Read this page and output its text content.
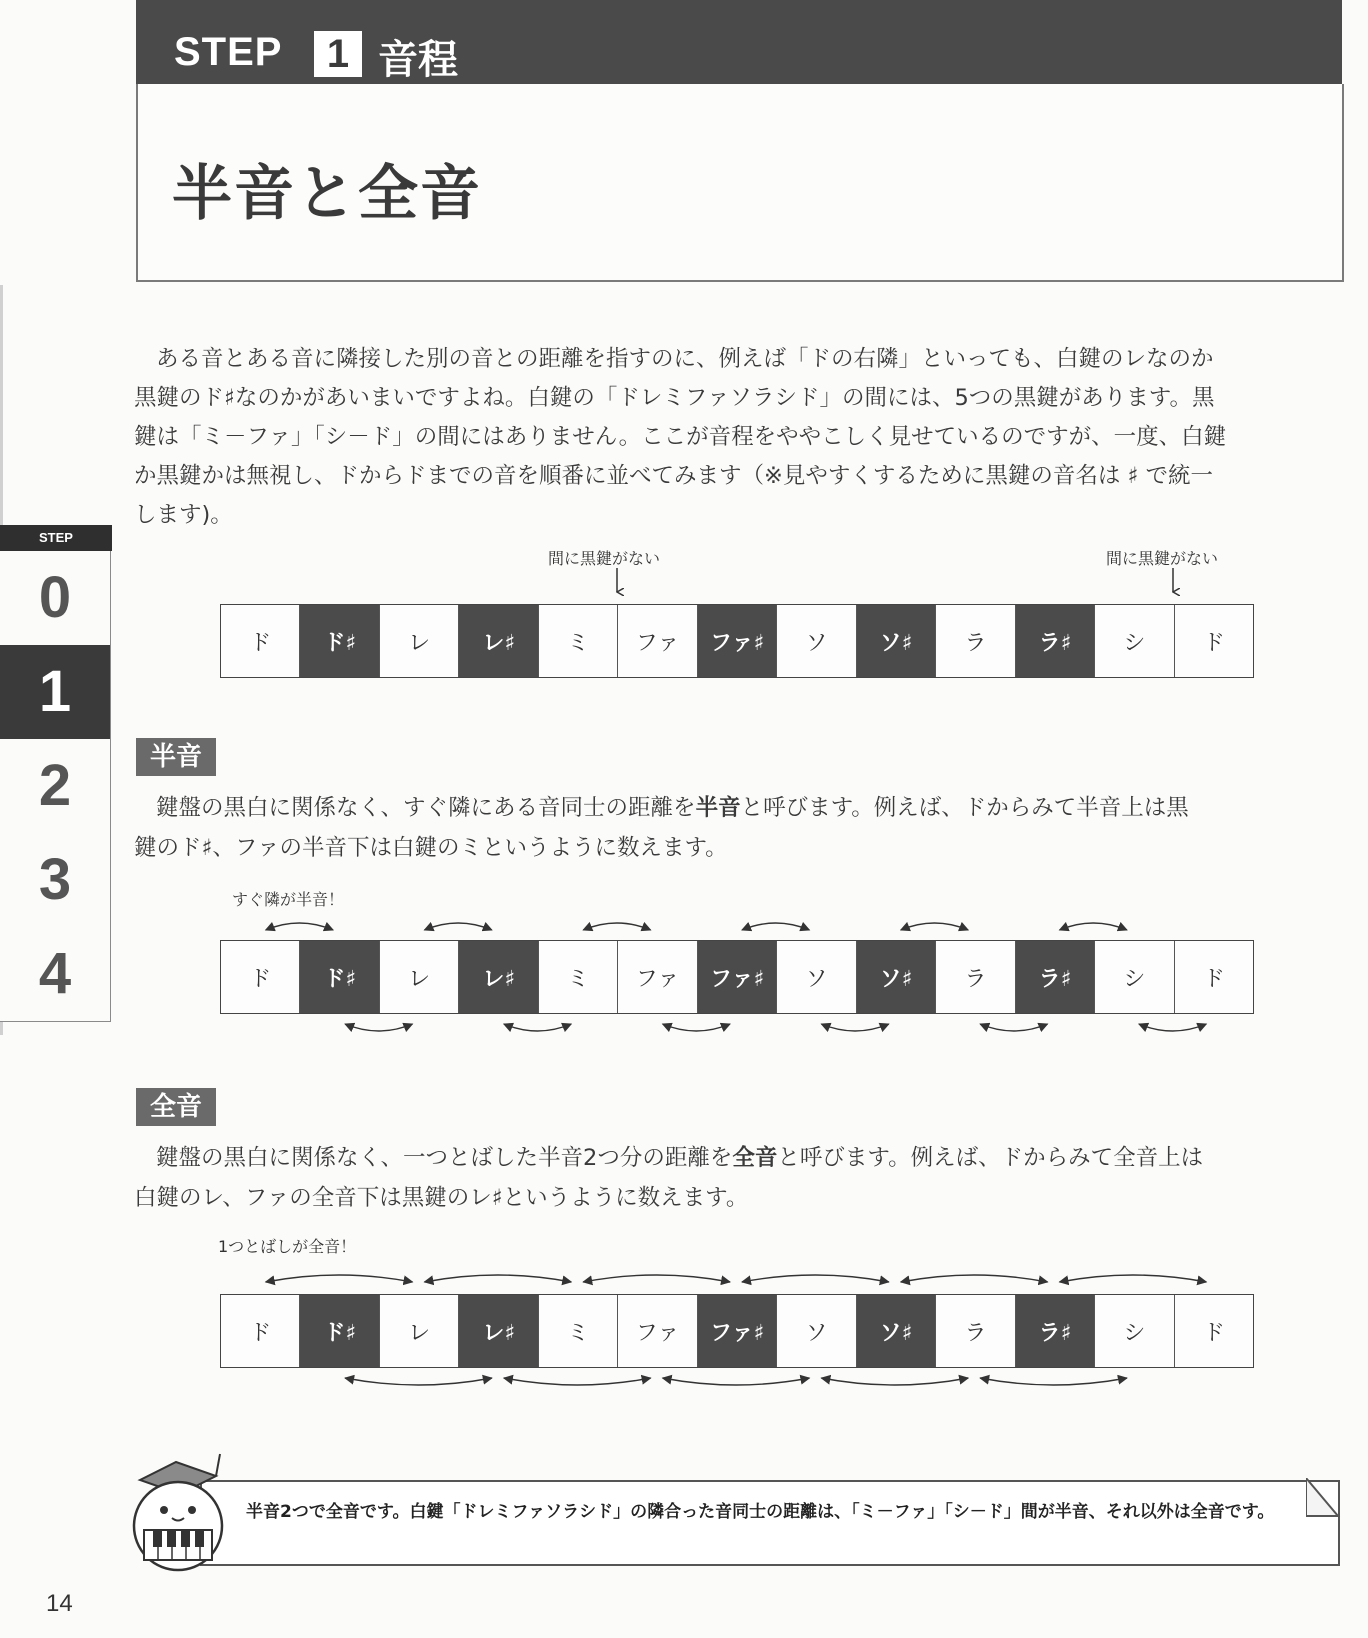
STEP	1 音程
半音と全音
STEP
0
1
2
3
4
ある音とある音に隣接した別の音との距離を指すのに、例えば「ドの右隣」といっても、白鍵のレなのか
黒鍵のド♯なのかがあいまいですよね。白鍵の「ドレミファソラシド」の間には、5つの黒鍵があります。黒
鍵は「ミ－ファ」「シ－ド」の間にはありません。ここが音程をややこしく見せているのですが、一度、白鍵
か黒鍵かは無視し、ドからドまでの音を順番に並べてみます（※見やすくするために黒鍵の音名は ♯ で統一
します)。
間に黒鍵がない	間に黒鍵がない
ド	ド♯	レ	レ♯	ミ	ファ	ファ♯	ソ	ソ♯	ラ	ラ♯	シ	ド
半音
鍵盤の黒白に関係なく、すぐ隣にある音同士の距離を半音と呼びます。例えば、ドからみて半音上は黒
鍵のド♯、ファの半音下は白鍵のミというように数えます。
すぐ隣が半音！
ド	ド♯	レ	レ♯	ミ	ファ	ファ♯	ソ	ソ♯	ラ	ラ♯	シ	ド
全音
鍵盤の黒白に関係なく、一つとばした半音2つ分の距離を全音と呼びます。例えば、ドからみて全音上は
白鍵のレ、ファの全音下は黒鍵のレ♯というように数えます。
1つとばしが全音！
ド	ド♯	レ	レ♯	ミ	ファ	ファ♯	ソ	ソ♯	ラ	ラ♯	シ	ド
半音2つで全音です。白鍵「ドレミファソラシド」の隣合った音同士の距離は、「ミ－ファ」「シ－ド」間が半音、それ以外は全音です。
14
